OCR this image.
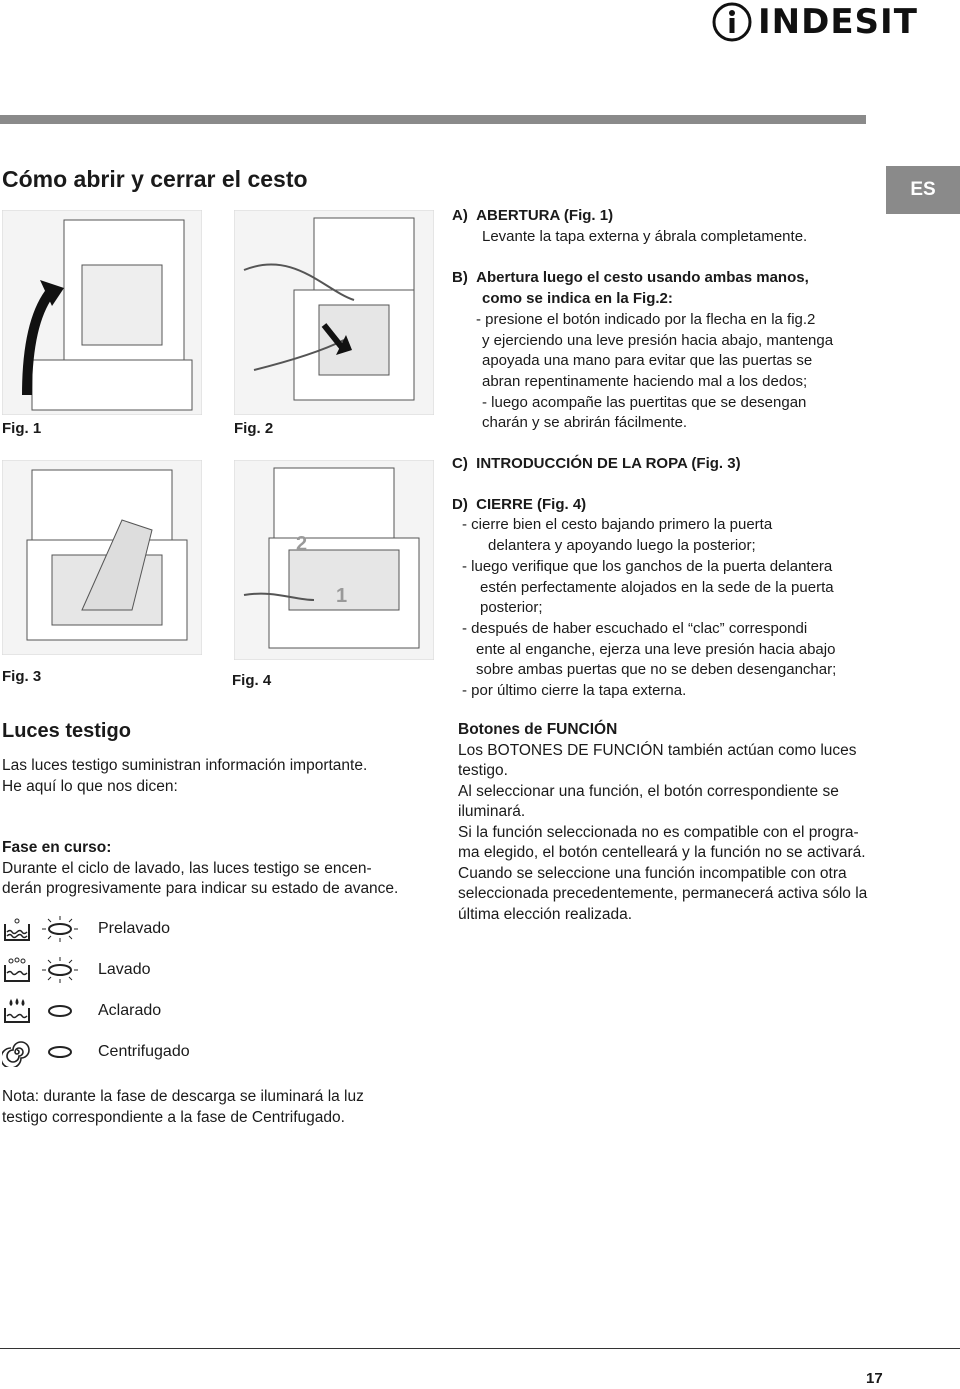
INDESIT
ES
Cómo abrir y cerrar el cesto
Fig. 1	Fig. 2
2
1
Fig. 3	Fig. 4
A)  ABERTURA (Fig. 1)
Levante la tapa externa y ábrala completamente.
B)  Abertura luego el cesto usando ambas manos,
como se indica en la Fig.2:
- presione el botón indicado por la flecha en la fig.2
y ejerciendo una leve presión hacia abajo, mantenga
apoyada una mano para evitar que las puertas se
abran repentinamente haciendo mal a los dedos;
- luego acompañe las puertitas que se desengan
charán y se abrirán fácilmente.
C)  INTRODUCCIÓN DE LA ROPA (Fig. 3)
D)  CIERRE (Fig. 4)
- cierre bien el cesto bajando primero la puerta
delantera y apoyando luego la posterior;
- luego verifique que los ganchos de la puerta delantera
estén perfectamente alojados en la sede de la puerta
posterior;
- después de haber escuchado el “clac” correspondi
ente al enganche, ejerza una leve presión hacia abajo
sobre ambas puertas que no se deben desenganchar;
- por último cierre la tapa externa.
Luces testigo
Las luces testigo suministran información importante.
He aquí lo que nos dicen:
Fase en curso:
Durante el ciclo de lavado, las luces testigo se encen-
derán progresivamente para indicar su estado de avance.
Prelavado
Lavado
Aclarado
Centrifugado
Nota: durante la fase de descarga se iluminará la luz
testigo correspondiente a la fase de Centrifugado.
Botones de FUNCIÓN
Los BOTONES DE FUNCIÓN también actúan como luces
testigo.
Al seleccionar una función, el botón correspondiente se
iluminará.
Si la función seleccionada no es compatible con el progra-
ma elegido, el botón centelleará y la función no se activará.
Cuando se seleccione una función incompatible con otra
seleccionada precedentemente, permanecerá activa sólo la
última elección realizada.
17
